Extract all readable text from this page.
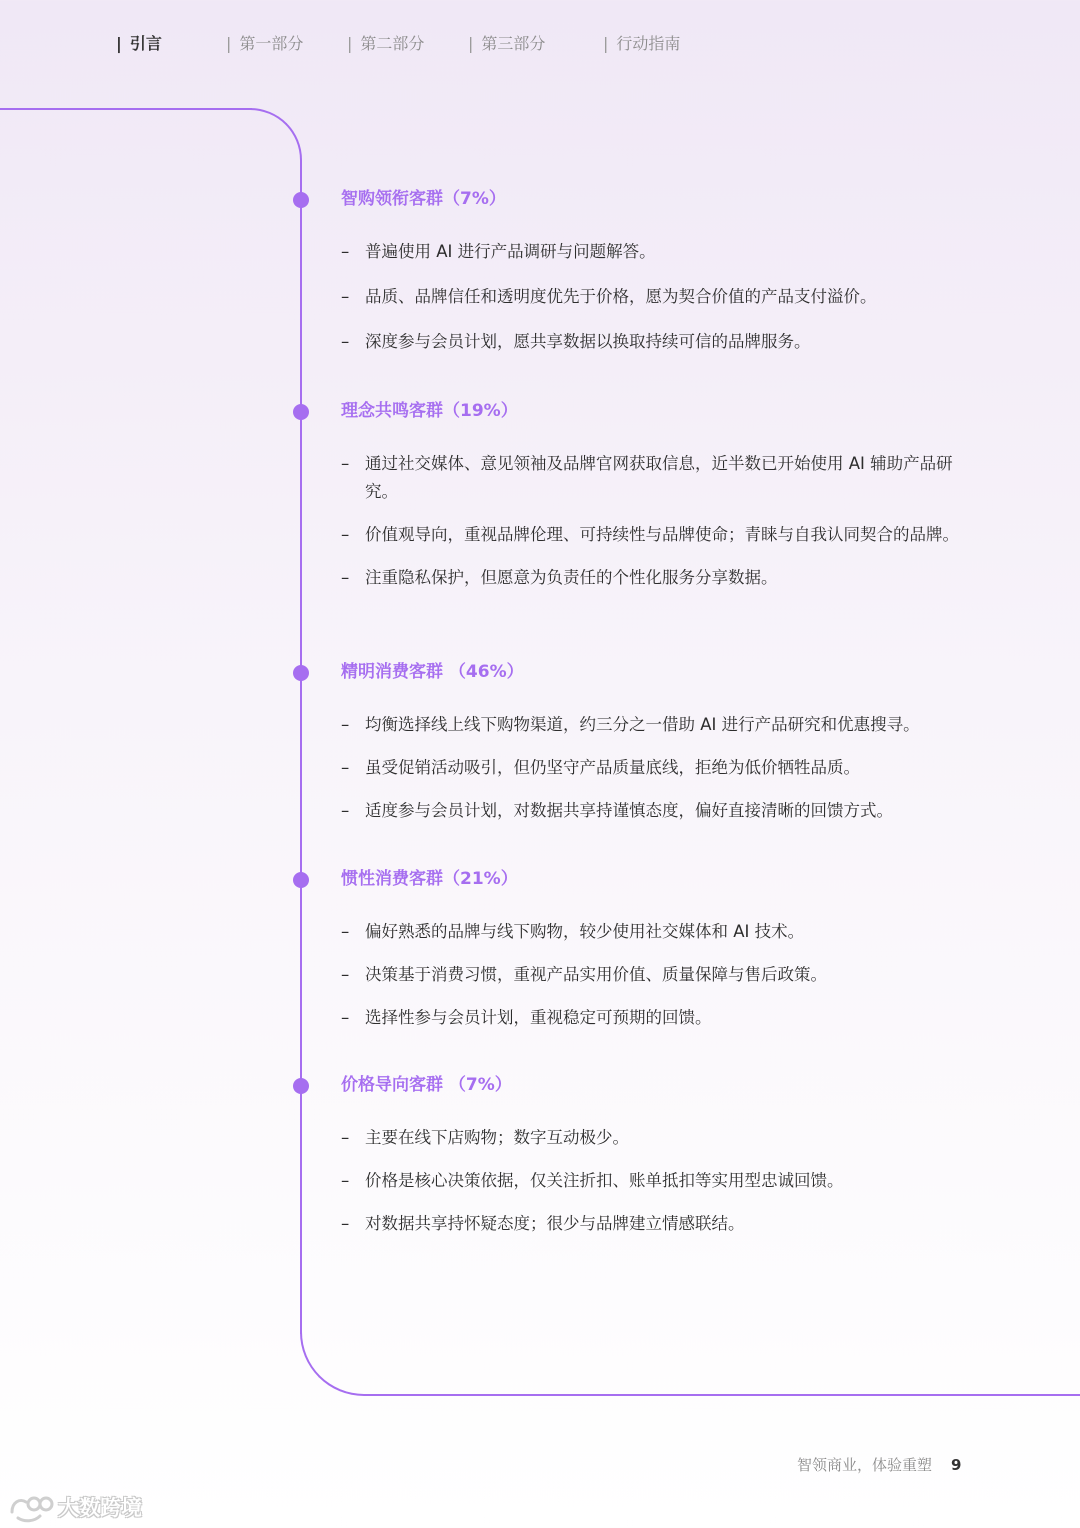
| 引言	| 第一部分	| 第二部分	| 第三部分	| 行动指南
智购领衔客群（7%）
– 普遍使用 AI 进行产品调研与问题解答。
– 品质、品牌信任和透明度优先于价格，愿为契合价值的产品支付溢价。
– 深度参与会员计划，愿共享数据以换取持续可信的品牌服务。
理念共鸣客群（19%）
– 通过社交媒体、意见领袖及品牌官网获取信息，近半数已开始使用 AI 辅助产品研究。
– 价值观导向，重视品牌伦理、可持续性与品牌使命；青睐与自我认同契合的品牌。
– 注重隐私保护，但愿意为负责任的个性化服务分享数据。
精明消费客群 （46%）
– 均衡选择线上线下购物渠道，约三分之一借助 AI 进行产品研究和优惠搜寻。
– 虽受促销活动吸引，但仍坚守产品质量底线，拒绝为低价牺牲品质。
– 适度参与会员计划，对数据共享持谨慎态度，偏好直接清晰的回馈方式。
惯性消费客群（21%）
– 偏好熟悉的品牌与线下购物，较少使用社交媒体和 AI 技术。
– 决策基于消费习惯，重视产品实用价值、质量保障与售后政策。
– 选择性参与会员计划，重视稳定可预期的回馈。
价格导向客群 （7%）
– 主要在线下店购物；数字互动极少。
– 价格是核心决策依据，仅关注折扣、账单抵扣等实用型忠诚回馈。
– 对数据共享持怀疑态度；很少与品牌建立情感联结。
智领商业，体验重塑 9
大数跨境
